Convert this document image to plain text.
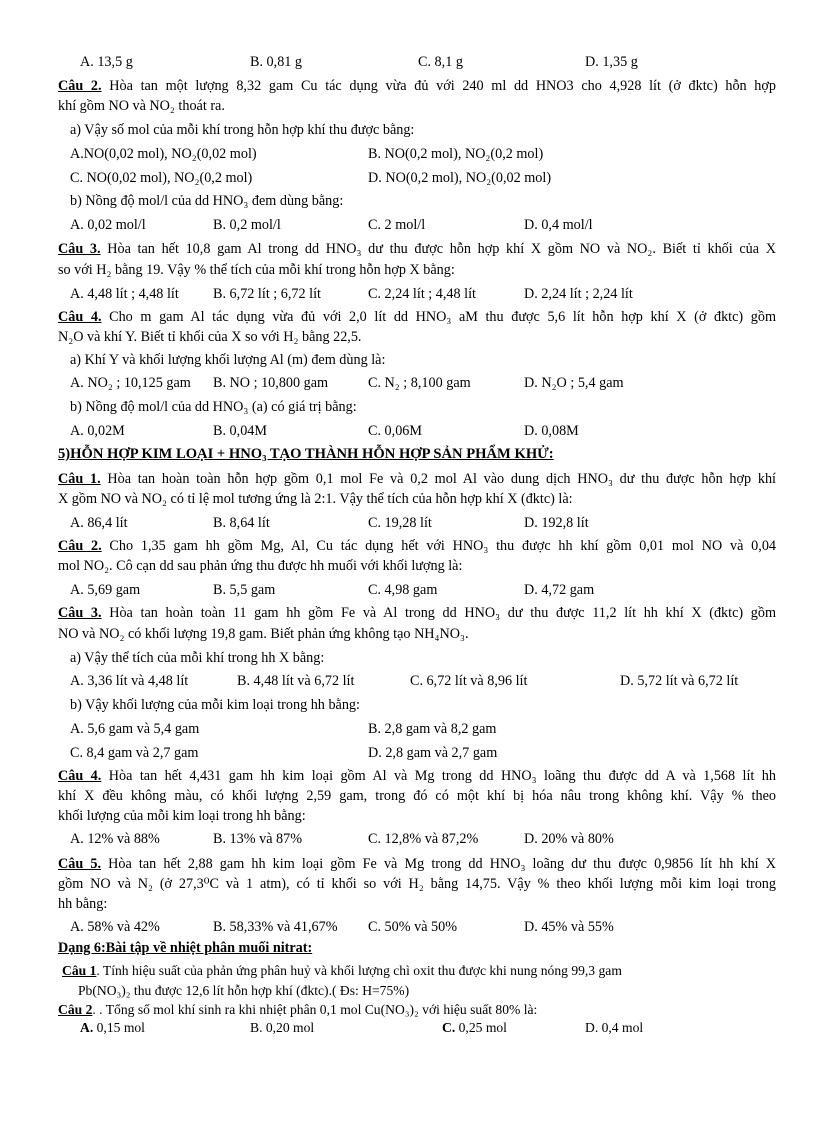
A. 13,5 g	B. 0,81 g	C. 8,1 g	D. 1,35 g
Câu 2. Hòa tan một lượng 8,32 gam Cu tác dụng vừa đủ với 240 ml dd HNO3 cho 4,928 lít (ở đktc) hỗn hợp
khí gồm NO và NO₂ thoát ra.
a) Vậy số mol của mỗi khí trong hỗn hợp khí thu được bằng:
A.NO(0,02 mol), NO₂(0,02 mol)	B. NO(0,2 mol), NO₂(0,2 mol)
C. NO(0,02 mol), NO₂(0,2 mol)	D. NO(0,2 mol), NO₂(0,02 mol)
b) Nồng độ mol/l của dd HNO₃ đem dùng bằng:
A. 0,02 mol/l	B. 0,2 mol/l	C. 2 mol/l	D. 0,4 mol/l
Câu 3. Hòa tan hết 10,8 gam Al trong dd HNO₃ dư thu được hỗn hợp khí X gồm NO và NO₂. Biết tỉ khối của X
so với H₂ bằng 19. Vậy % thể tích của mỗi khí trong hỗn hợp X bằng:
A. 4,48 lít ; 4,48 lít B. 6,72 lít ; 6,72 lít	C. 2,24 lít ; 4,48 lít	D. 2,24 lít ; 2,24 lít
Câu 4. Cho m gam Al tác dụng vừa đủ với 2,0 lít dd HNO₃ aM thu được 5,6 lít hỗn hợp khí X (ở đktc) gồm
N₂O và khí Y. Biết tỉ khối của X so với H₂ bằng 22,5.
a) Khí Y và khối lượng khối lượng Al (m) đem dùng là:
A. NO₂ ; 10,125 gam B. NO ; 10,800 gam	C. N₂ ; 8,100 gam	D. N₂O ; 5,4 gam
b) Nồng độ mol/l của dd HNO₃ (a) có giá trị bằng:
A. 0,02M	B. 0,04M	C. 0,06M	D. 0,08M
5)HỖN HỢP KIM LOẠI + HNO₃ TẠO THÀNH HỖN HỢP SẢN PHẨM KHỬ:
Câu 1. Hòa tan hoàn toàn hỗn hợp gồm 0,1 mol Fe và 0,2 mol Al vào dung dịch HNO₃ dư thu được hỗn hợp khí
X gồm NO và NO₂ có tỉ lệ mol tương ứng là 2:1. Vậy thể tích của hỗn hợp khí X (đktc) là:
A. 86,4 lít	B. 8,64 lít	C. 19,28 lít	D. 192,8 lít
Câu 2. Cho 1,35 gam hh gồm Mg, Al, Cu tác dụng hết với HNO₃ thu được hh khí gồm 0,01 mol NO và 0,04
mol NO₂. Cô cạn dd sau phản ứng thu được hh muối với khối lượng là:
A. 5,69 gam	B. 5,5 gam	C. 4,98 gam	D. 4,72 gam
Câu 3. Hòa tan hoàn toàn 11 gam hh gồm Fe và Al trong dd HNO₃ dư thu được 11,2 lít hh khí X (đktc) gồm
NO và NO₂ có khối lượng 19,8 gam. Biết phản ứng không tạo NH₄NO₃.
a) Vậy thể tích của mỗi khí trong hh X bằng:
A. 3,36 lít và 4,48 lít	B. 4,48 lít và 6,72 lít	C. 6,72 lít và 8,96 lít	D. 5,72 lít và 6,72 lít
b) Vậy khối lượng của mỗi kim loại trong hh bằng:
A. 5,6 gam và 5,4 gam	B. 2,8 gam và 8,2 gam
C. 8,4 gam và 2,7 gam	D. 2,8 gam và 2,7 gam
Câu 4. Hòa tan hết 4,431 gam hh kim loại gồm Al và Mg trong dd HNO₃ loãng thu được dd A và 1,568 lít hh
khí X đều không màu, có khối lượng 2,59 gam, trong đó có một khí bị hóa nâu trong không khí. Vậy % theo
khối lượng của mỗi kim loại trong hh bằng:
A. 12% và 88%	B. 13% và 87%	C. 12,8% và 87,2%	D. 20% và 80%
Câu 5. Hòa tan hết 2,88 gam hh kim loại gồm Fe và Mg trong dd HNO₃ loãng dư thu được 0,9856 lít hh khí X
gồm NO và N₂ (ở 27,3⁰C và 1 atm), có tỉ khối so với H₂ bằng 14,75. Vậy % theo khối lượng mỗi kim loại trong
hh bằng:
A. 58% và 42%	B. 58,33% và 41,67% C. 50% và 50%	D. 45% và 55%
Dạng 6:Bài tập về nhiệt phân muối nitrat:
Câu 1. Tính hiệu suất của phản ứng phân huỷ và khối lượng chì oxit thu được khi nung nóng 99,3 gam
Pb(NO₃)₂ thu được 12,6 lít hỗn hợp khí (đktc).( Đs: H=75%)
Câu 2. . Tổng số mol khí sinh ra khi nhiệt phân 0,1 mol Cu(NO₃)₂ với hiệu suất 80% là:
A. 0,15 mol	B. 0,20 mol	C. 0,25 mol	D. 0,4 mol
